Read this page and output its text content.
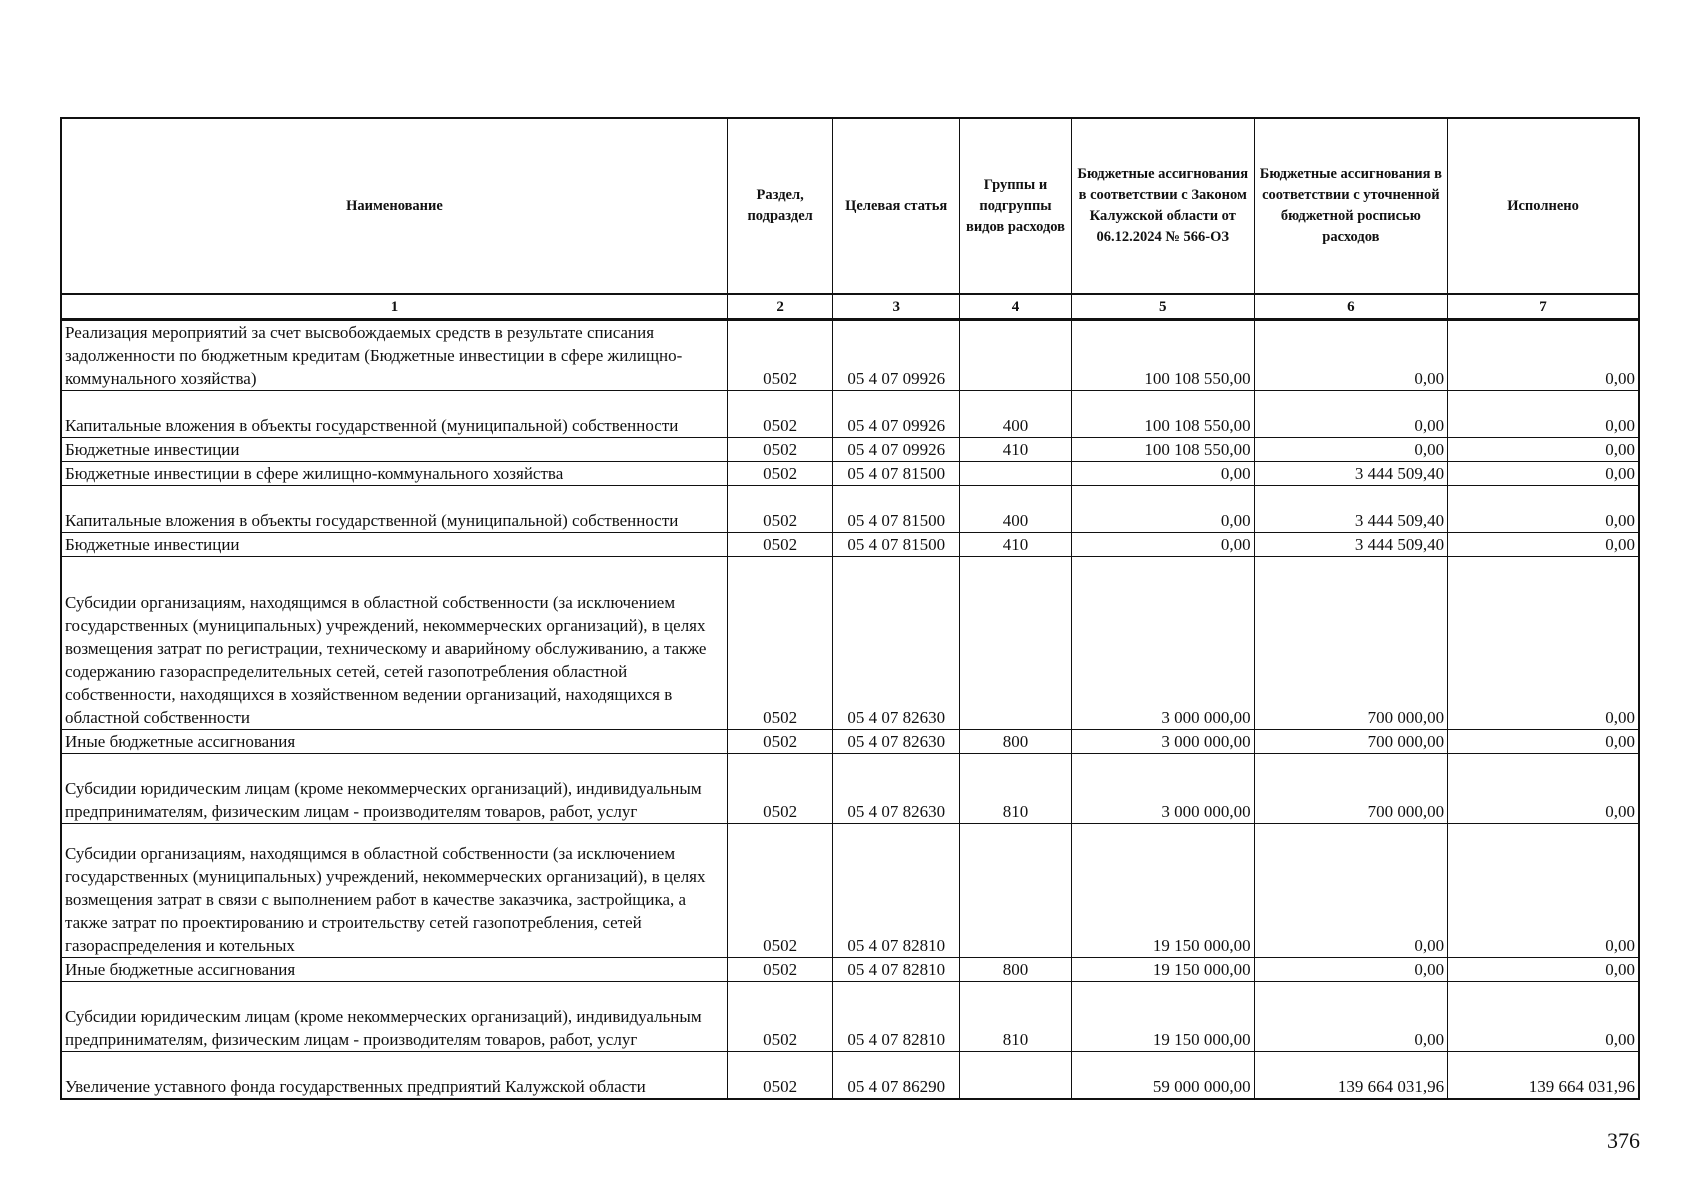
Наименование	Раздел, подраздел	Целевая статья	Группы и подгруппы видов расходов	Бюджетные ассигнования в соответствии с Законом Калужской области от 06.12.2024 № 566-ОЗ	Бюджетные ассигнования в соответствии с уточненной бюджетной росписью расходов	Исполнено
1	2	3	4	5	6	7
Реализация мероприятий за счет высвобождаемых средств в результате списания задолженности по бюджетным кредитам (Бюджетные инвестиции в сфере жилищно-коммунального хозяйства)	0502	05 4 07 09926		100 108 550,00	0,00	0,00
Капитальные вложения в объекты государственной (муниципальной) собственности	0502	05 4 07 09926	400	100 108 550,00	0,00	0,00
Бюджетные инвестиции	0502	05 4 07 09926	410	100 108 550,00	0,00	0,00
Бюджетные инвестиции в сфере жилищно-коммунального хозяйства	0502	05 4 07 81500		0,00	3 444 509,40	0,00
Капитальные вложения в объекты государственной (муниципальной) собственности	0502	05 4 07 81500	400	0,00	3 444 509,40	0,00
Бюджетные инвестиции	0502	05 4 07 81500	410	0,00	3 444 509,40	0,00
Субсидии организациям, находящимся в областной собственности (за исключением государственных (муниципальных) учреждений, некоммерческих организаций), в целях возмещения затрат по регистрации, техническому и аварийному обслуживанию, а также содержанию газораспределительных сетей, сетей газопотребления областной собственности, находящихся в хозяйственном ведении организаций, находящихся в областной собственности	0502	05 4 07 82630		3 000 000,00	700 000,00	0,00
Иные бюджетные ассигнования	0502	05 4 07 82630	800	3 000 000,00	700 000,00	0,00
Субсидии юридическим лицам (кроме некоммерческих организаций), индивидуальным предпринимателям, физическим лицам - производителям товаров, работ, услуг	0502	05 4 07 82630	810	3 000 000,00	700 000,00	0,00
Субсидии организациям, находящимся в областной собственности (за исключением государственных (муниципальных) учреждений, некоммерческих организаций), в целях возмещения затрат в связи с выполнением работ в качестве заказчика, застройщика, а также затрат по проектированию и строительству сетей газопотребления, сетей газораспределения и котельных	0502	05 4 07 82810		19 150 000,00	0,00	0,00
Иные бюджетные ассигнования	0502	05 4 07 82810	800	19 150 000,00	0,00	0,00
Субсидии юридическим лицам (кроме некоммерческих организаций), индивидуальным предпринимателям, физическим лицам - производителям товаров, работ, услуг	0502	05 4 07 82810	810	19 150 000,00	0,00	0,00
Увеличение уставного фонда государственных предприятий Калужской области	0502	05 4 07 86290		59 000 000,00	139 664 031,96	139 664 031,96
376
